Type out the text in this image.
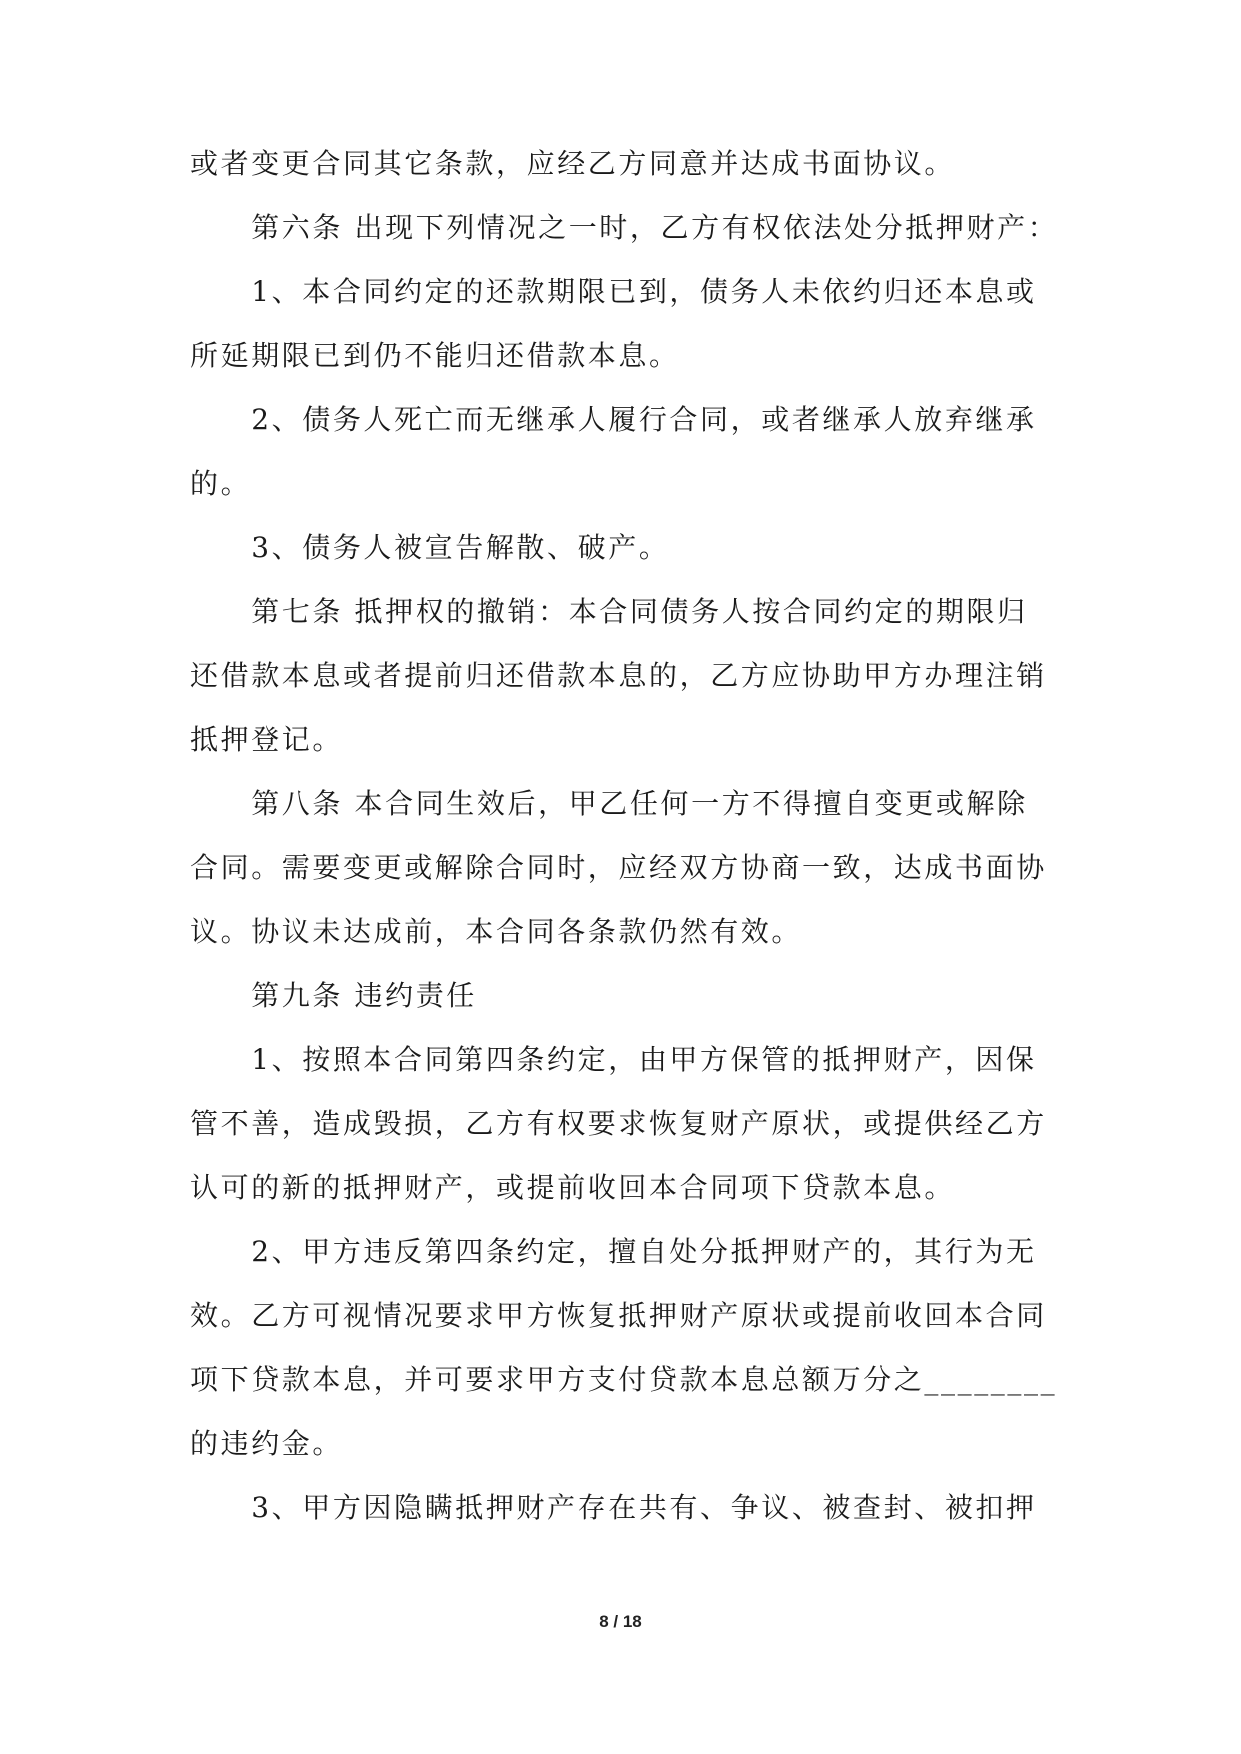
或者变更合同其它条款，应经乙方同意并达成书面协议。
　　第六条 出现下列情况之一时，乙方有权依法处分抵押财产：
　　1、本合同约定的还款期限已到，债务人未依约归还本息或
所延期限已到仍不能归还借款本息。
　　2、债务人死亡而无继承人履行合同，或者继承人放弃继承
的。
　　3、债务人被宣告解散、破产。
　　第七条 抵押权的撤销：本合同债务人按合同约定的期限归
还借款本息或者提前归还借款本息的，乙方应协助甲方办理注销
抵押登记。
　　第八条 本合同生效后，甲乙任何一方不得擅自变更或解除
合同。需要变更或解除合同时，应经双方协商一致，达成书面协
议。协议未达成前，本合同各条款仍然有效。
　　第九条 违约责任
　　1、按照本合同第四条约定，由甲方保管的抵押财产，因保
管不善，造成毁损，乙方有权要求恢复财产原状，或提供经乙方
认可的新的抵押财产，或提前收回本合同项下贷款本息。
　　2、甲方违反第四条约定，擅自处分抵押财产的，其行为无
效。乙方可视情况要求甲方恢复抵押财产原状或提前收回本合同
项下贷款本息，并可要求甲方支付贷款本息总额万分之________
的违约金。
　　3、甲方因隐瞒抵押财产存在共有、争议、被查封、被扣押
8 / 18
